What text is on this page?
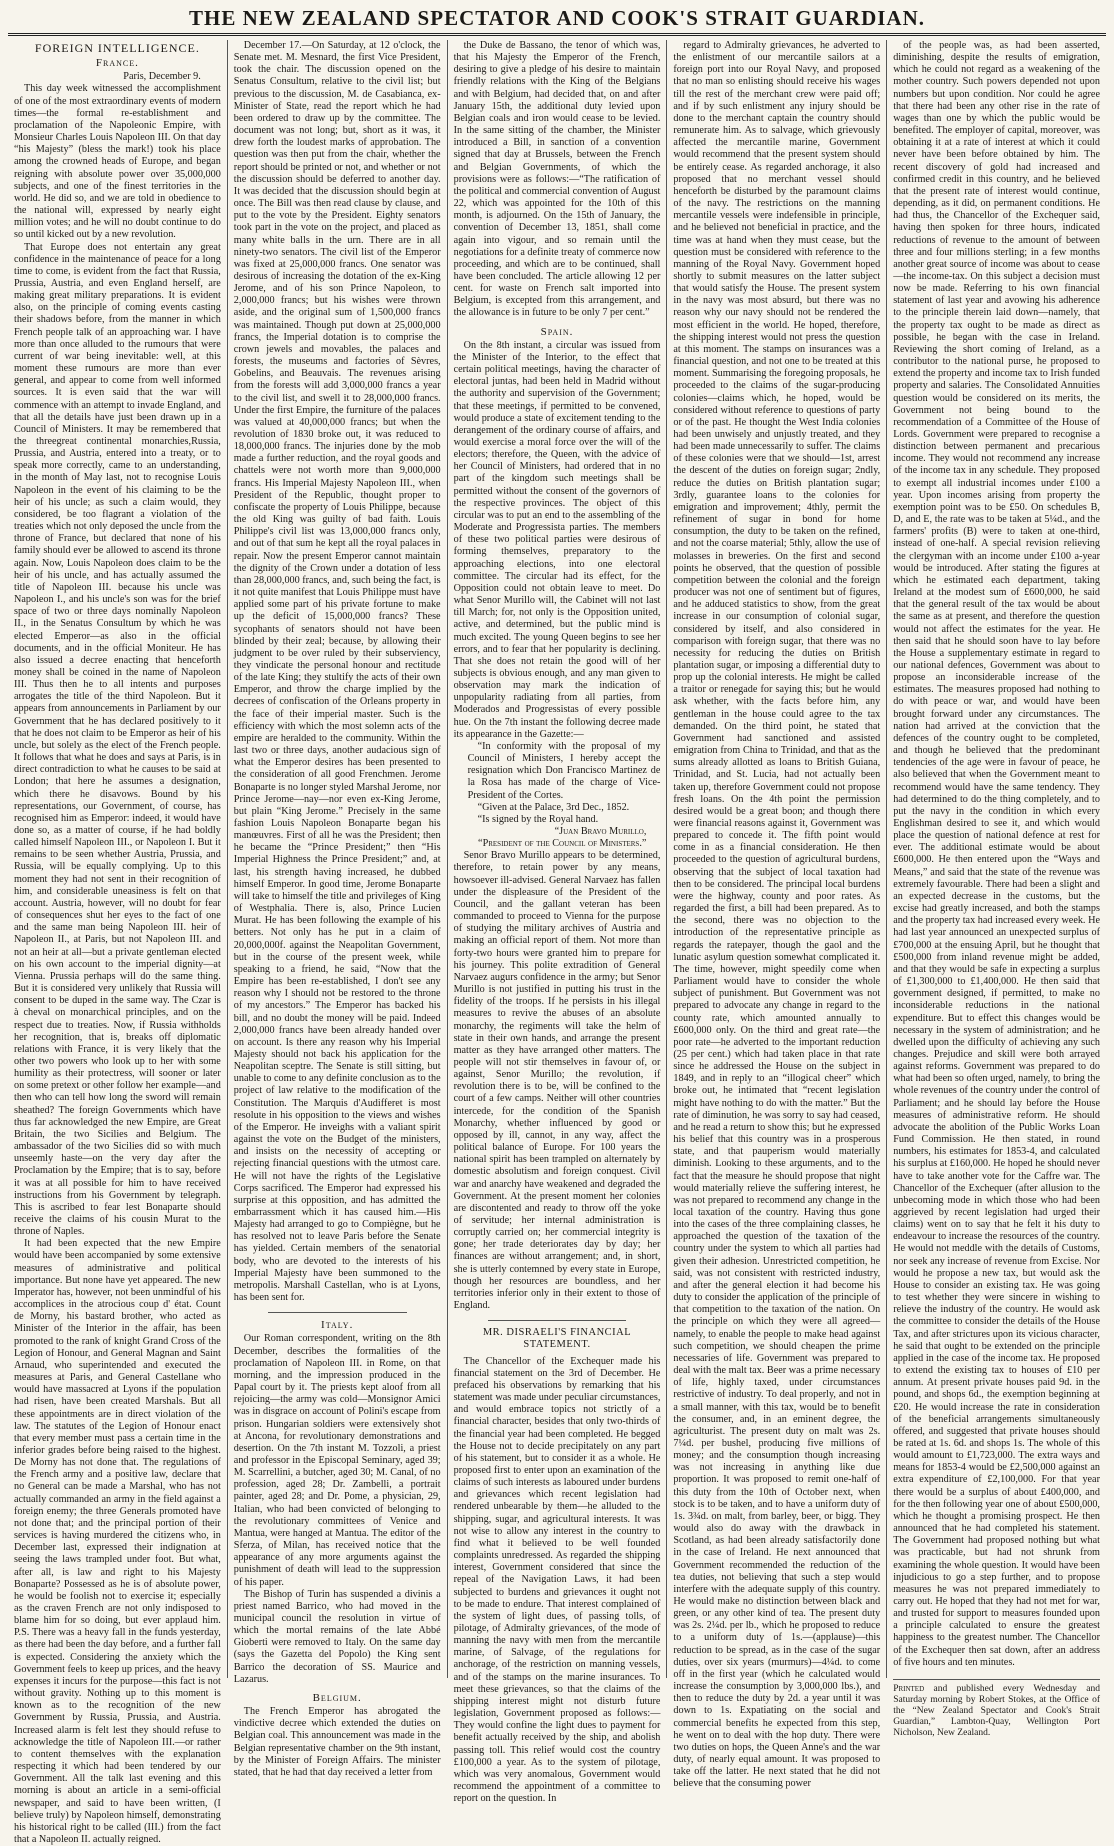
THE NEW ZEALAND SPECTATOR AND COOK'S STRAIT GUARDIAN.
FOREIGN INTELLIGENCE.
France.
Paris, December 9.

This day week witnessed the accomplishment of one of the most extraordinary events of modern times—the formal re-establishment and proclamation of the Napoleonic Empire, with Monsieur Charles Louis Napoleon III. On that day “his Majesty” (bless the mark!) took his place among the crowned heads of Europe, and began reigning with absolute power over 35,000,000 subjects, and one of the finest territories in the world. He did so, and we are told in obedience to the national will, expressed by nearly eight million votes; and he will no doubt continue to do so until kicked out by a new revolution.

That Europe does not entertain any great confidence in the maintenance of peace for a long time to come, is evident from the fact that Russia, Prussia, Austria, and even England herself, are making great military preparations. It is evident also, on the principle of coming events casting their shadows before, from the manner in which French people talk of an approaching war. I have more than once alluded to the rumours that were current of war being inevitable: well, at this moment these rumours are more than ever general, and appear to come from well informed sources. It is even said that the war will commence with an attempt to invade England, and that all the details have just been drawn up in a Council of Ministers. It may be remembered that the threegreat continental monarchies,Russia, Prussia, and Austria, entered into a treaty, or to speak more correctly, came to an understanding, in the month of May last, not to recognise Louis Napoleon in the event of his claiming to be the heir of his uncle; as such a claim would, they considered, be too flagrant a violation of the treaties which not only deposed the uncle from the throne of France, but declared that none of his family should ever be allowed to ascend its throne again. Now, Louis Napoleon does claim to be the heir of his uncle, and has actually assumed the title of Napoleon III. because his uncle was Napoleon I., and his uncle's son was for the brief space of two or three days nominally Napoleon II., in the Senatus Consultum by which he was elected Emperor—as also in the official documents, and in the official Moniteur. He has also issued a decree enacting that henceforth money shall be coined in the name of Napoleon III. Thus then he to all intents and purposes arrogates the title of the third Napoleon. But it appears from announcements in Parliament by our Government that he has declared positively to it that he does not claim to be Emperor as heir of his uncle, but solely as the elect of the French people. It follows that what he does and says at Paris, is in direct contradiction to what he causes to be said at London; that here he assumes a designation, which there he disavows. Bound by his representations, our Government, of course, has recognised him as Emperor: indeed, it would have done so, as a matter of course, if he had boldly called himself Napoleon III., or Napoleon I. But it remains to be seen whether Austria, Prussia, and Russia, will be equally complying. Up to this moment they had not sent in their recognition of him, and considerable uneasiness is felt on that account. Austria, however, will no doubt for fear of consequences shut her eyes to the fact of one and the same man being Napoleon III. heir of Napoleon II., at Paris, but not Napoleon III. and not an heir at all—but a private gentleman elected on his own account to the imperial dignity—at Vienna. Prussia perhaps will do the same thing. But it is considered very unlikely that Russia will consent to be duped in the same way. The Czar is à cheval on monarchical principles, and on the respect due to treaties. Now, if Russia withholds her recognition, that is, breaks off diplomatic relations with France, it is very likely that the other two powers who look up to her with some humility as their protectress, will sooner or later on some pretext or other follow her example—and then who can tell how long the sword will remain sheathed? The foreign Governments which have thus far acknowledged the new Empire, are Great Britain, the two Sicilies and Belgium. The ambassador of the two Sicilies did so with much unseemly haste—on the very day after the Proclamation by the Empire; that is to say, before it was at all possible for him to have received instructions from his Government by telegraph. This is ascribed to fear lest Bonaparte should receive the claims of his cousin Murat to the throne of Naples.

It had been expected that the new Empire would have been accompanied by some extensive measures of administrative and political importance. But none have yet appeared. The new Imperator has, however, not been unmindful of his accomplices in the atrocious coup d' état. Count de Morny, his bastard brother, who acted as Minister of the Interior in the affair, has been promoted to the rank of knight Grand Cross of the Legion of Honour, and General Magnan and Saint Arnaud, who superintended and executed the measures at Paris, and General Castellane who would have massacred at Lyons if the population had risen, have been created Marshals. But all these appointments are in direct violation of the law. The statutes of the Legion of Honour enact that every member must pass a certain time in the inferior grades before being raised to the highest. De Morny has not done that. The regulations of the French army and a positive law, declare that no General can be made a Marshal, who has not actually commanded an army in the field against a foreign enemy; the three Generals promoted have not done that; and the principal portion of their services is having murdered the citizens who, in December last, expressed their indignation at seeing the laws trampled under foot. But what, after all, is law and right to his Majesty Bonaparte? Possessed as he is of absolute power, he would be foolish not to exercise it; especially as the craven French are not only indisposed to blame him for so doing, but ever applaud him. P.S. There was a heavy fall in the funds yesterday, as there had been the day before, and a further fall is expected. Considering the anxiety which the Government feels to keep up prices, and the heavy expenses it incurs for the purpose—this fact is not without gravity. Nothing up to this moment is known as to the recognition of the new Government by Russia, Prussia, and Austria. Increased alarm is felt lest they should refuse to acknowledge the title of Napoleon III.—or rather to content themselves with the explanation respecting it which had been tendered by our Government. All the talk last evening and this morning is about an article in a semi-official newspaper, and said to have been written, (I believe truly) by Napoleon himself, demonstrating his historical right to be called (III.) from the fact that a Napoleon II. actually reigned.

December 17.—On Saturday, at 12 o'clock, the Senate met. M. Mesnard, the first Vice President, took the chair. The discussion opened on the Senatus Consultum, relative to the civil list; but previous to the discussion, M. de Casabianca, ex-Minister of State, read the report which he had been ordered to draw up by the committee. The document was not long; but, short as it was, it drew forth the loudest marks of approbation. The question was then put from the chair, whether the report should be printed or not, and whether or not the discussion should be deferred to another day. It was decided that the discussion should begin at once. The Bill was then read clause by clause, and put to the vote by the President. Eighty senators took part in the vote on the project, and placed as many white balls in the urn. There are in all ninety-two senators. The civil list of the Emperor was fixed at 25,000,000 francs. One senator was desirous of increasing the dotation of the ex-King Jerome, and of his son Prince Napoleon, to 2,000,000 francs; but his wishes were thrown aside, and the original sum of 1,500,000 francs was maintained. Though put down at 25,000,000 francs, the Imperial dotation is to comprise the crown jewels and movables, the palaces and forests, the museums and factories of Sèvres, Gobelins, and Beauvais. The revenues arising from the forests will add 3,000,000 francs a year to the civil list, and swell it to 28,000,000 francs. Under the first Empire, the furniture of the palaces was valued at 40,000,000 francs; but when the revolution of 1830 broke out, it was reduced to 18,000,000 francs. The injuries done by the mob made a further reduction, and the royal goods and chattels were not worth more than 9,000,000 francs. His Imperial Majesty Napoleon III., when President of the Republic, thought proper to confiscate the property of Louis Philippe, because the old King was guilty of bad faith. Louis Philippe's civil list was 13,000,000 francs only, and out of that sum he kept all the royal palaces in repair. Now the present Emperor cannot maintain the dignity of the Crown under a dotation of less than 28,000,000 francs, and, such being the fact, is it not quite manifest that Louis Philippe must have applied some part of his private fortune to make up the deficit of 15,000,000 francs? These sycophants of senators should not have been blinded by their zeal; because, by allowing their judgment to be over ruled by their subserviency, they vindicate the personal honour and rectitude of the late King; they stultify the acts of their own Emperor, and throw the charge implied by the decrees of confiscation of the Orleans property in the face of their imperial master. Such is the efficiency with which the most solemn acts of the empire are heralded to the community. Within the last two or three days, another audacious sign of what the Emperor desires has been presented to the consideration of all good Frenchmen. Jerome Bonaparte is no longer styled Marshal Jerome, nor Prince Jerome—nay—nor even ex-King Jerome, but plain “King Jerome.” Precisely in the same fashion Louis Napoleon Bonaparte began his manœuvres. First of all he was the President; then he became the “Prince President;” then “His Imperial Highness the Prince President;” and, at last, his strength having increased, he dubbed himself Emperor. In good time, Jerome Bonaparte will take to himself the title and privileges of King of Westphalia. There is, also, Prince Lucien Murat. He has been following the example of his betters. Not only has he put in a claim of 20,000,000f. against the Neapolitan Government, but in the course of the present week, while speaking to a friend, he said, “Now that the Empire has been re-established, I don't see any reason why I should not be restored to the throne of my ancestors.” The Emperor has backed his bill, and no doubt the money will be paid. Indeed 2,000,000 francs have been already handed over on account. Is there any reason why his Imperial Majesty should not back his application for the Neapolitan sceptre. The Senate is still sitting, but unable to come to any definite conclusion as to the project of law relative to the modification of the Constitution. The Marquis d'Audifferet is most resolute in his opposition to the views and wishes of the Emperor. He inveighs with a valiant spirit against the vote on the Budget of the ministers, and insists on the necessity of accepting or rejecting financial questions with the utmost care. He will not have the rights of the Legislative Corps sacrificed. The Emperor had expressed his surprise at this opposition, and has admitted the embarrassment which it has caused him.—His Majesty had arranged to go to Compiègne, but he has resolved not to leave Paris before the Senate has yielded. Certain members of the senatorial body, who are devoted to the interests of his Imperial Majesty have been summoned to the metropolis. Marshall Castellan, who is at Lyons, has been sent for.

Italy.

Our Roman correspondent, writing on the 8th December, describes the formalities of the proclamation of Napoleon III. in Rome, on that morning, and the impression produced in the Papal court by it. The priests kept aloof from all rejoicing—the army was cold—Monsignor Amici was in disgrace on account of Polini's escape from prison. Hungarian soldiers were extensively shot at Ancona, for revolutionary demonstrations and desertion. On the 7th instant M. Tozzoli, a priest and professor in the Episcopal Seminary, aged 39; M. Scarrellini, a butcher, aged 30; M. Canal, of no profession, aged 28; Dr. Zambelli, a portrait painter, aged 28; and Dr. Pome, a physician, 29, Italian, who had been convicted of belonging to the revolutionary committees of Venice and Mantua, were hanged at Mantua. The editor of the Sferza, of Milan, has received notice that the appearance of any more arguments against the punishment of death will lead to the suppression of his paper.

The Bishop of Turin has suspended a divinis a priest named Barrico, who had moved in the municipal council the resolution in virtue of which the mortal remains of the late Abbé Gioberti were removed to Italy. On the same day (says the Gazetta del Popolo) the King sent Barrico the decoration of SS. Maurice and Lazarus.

Belgium.

The French Emperor has abrogated the vindictive decree which extended the duties on Belgian coal. This announcement was made in the Belgian representative chamber on the 9th instant, by the Minister of Foreign Affairs. The minister stated, that he had that day received a letter from

the Duke de Bassano, the tenor of which was, that his Majesty the Emperor of the French, desiring to give a pledge of his desire to maintain friendly relations with the King of the Belgians and with Belgium, had decided that, on and after January 15th, the additional duty levied upon Belgian coals and iron would cease to be levied. In the same sitting of the chamber, the Minister introduced a Bill, in sanction of a convention signed that day at Brussels, between the French and Belgian Governments, of which the provisions were as follows:—“The ratification of the political and commercial convention of August 22, which was appointed for the 10th of this month, is adjourned. On the 15th of January, the convention of December 13, 1851, shall come again into vigour, and so remain until the negotiations for a definite treaty of commerce now proceeding, and which are to be continued, shall have been concluded. The article allowing 12 per cent. for waste on French salt imported into Belgium, is excepted from this arrangement, and the allowance is in future to be only 7 per cent.”

Spain.

On the 8th instant, a circular was issued from the Minister of the Interior, to the effect that certain political meetings, having the character of electoral juntas, had been held in Madrid without the authority and supervision of the Government; that these meetings, if permitted to be convened, would produce a state of excitement tending to the derangement of the ordinary course of affairs, and would exercise a moral force over the will of the electors; therefore, the Queen, with the advice of her Council of Ministers, had ordered that in no part of the kingdom such meetings shall be permitted without the consent of the governors of the respective provinces. The object of this circular was to put an end to the assembling of the Moderate and Progressista parties. The members of these two political parties were desirous of forming themselves, preparatory to the approaching elections, into one electoral committee. The circular had its effect, for the Opposition could not obtain leave to meet. Do what Senor Murillo will, the Cabinet will not last till March; for, not only is the Opposition united, active, and determined, but the public mind is much excited. The young Queen begins to see her errors, and to fear that her popularity is declining. That she does not retain the good will of her subjects is obvious enough, and any man given to observation may mark the indication of unpopularity radiating from all parties, from Moderados and Progressistas of every possible hue. On the 7th instant the following decree made its appearance in the Gazette:—

“In conformity with the proposal of my Council of Ministers, I hereby accept the resignation which Don Francisco Martinez de la Rosa has made of the charge of Vice-President of the Cortes.

“Given at the Palace, 3rd Dec., 1852.

“Is signed by the Royal hand.

“Juan Bravo Murillo,
“President of the Council of Ministers.”

Senor Bravo Murillo appears to be determined, therefore, to retain power by any means, howsoever ill-advised. General Narvaez has fallen under the displeasure of the President of the Council, and the gallant veteran has been commanded to proceed to Vienna for the purpose of studying the military archives of Austria and making an official report of them. Not more than forty-two hours were granted him to prepare for his journey. This polite extradition of General Narvaez augurs confidence in the army; but Senor Murillo is not justified in putting his trust in the fidelity of the troops. If he persists in his illegal measures to revive the abuses of an absolute monarchy, the regiments will take the helm of state in their own hands, and arrange the present matter as they have arranged other matters. The people will not stir themselves in favour of, or against, Senor Murillo; the revolution, if revolution there is to be, will be confined to the court of a few camps. Neither will other countries intercede, for the condition of the Spanish Monarchy, whether influenced by good or opposed by ill, cannot, in any way, affect the political balance of Europe. For 100 years the national spirit has been trampled on alternately by domestic absolutism and foreign conquest. Civil war and anarchy have weakened and degraded the Government. At the present moment her colonies are discontented and ready to throw off the yoke of servitude; her internal administration is corruptly carried on; her commercial integrity is gone; her trade deteriorates day by day; her finances are without arrangement; and, in short, she is utterly contemned by every state in Europe, though her resources are boundless, and her territories inferior only in their extent to those of England.

MR. DISRAELI'S FINANCIAL STATEMENT.

The Chancellor of the Exchequer made his financial statement on the 3rd of December. He prefaced his observations by remarking that his statement was made under peculiar circumstances, and would embrace topics not strictly of a financial character, besides that only two-thirds of the financial year had been completed. He begged the House not to decide precipitately on any part of his statement, but to consider it as a whole. He proposed first to enter upon an examination of the claims of such interests as laboured under burdens and grievances which recent legislation had rendered unbearable by them—he alluded to the shipping, sugar, and agricultural interests. It was not wise to allow any interest in the country to find what it believed to be well founded complaints unredressed. As regarded the shipping interest, Government considered that since the repeal of the Navigation Laws, it had been subjected to burdens and grievances it ought not to be made to endure. That interest complained of the system of light dues, of passing tolls, of pilotage, of Admiralty grievances, of the mode of manning the navy with men from the mercantile marine, of Salvage, of the regulations for anchorage, of the restriction on manning vessels, and of the stamps on the marine insurances. To meet these grievances, so that the claims of the shipping interest might not disturb future legislation, Government proposed as follows:—They would confine the light dues to payment for benefit actually received by the ship, and abolish passing toll. This relief would cost the country £100,000 a year. As to the system of pilotage, which was very anomalous, Government would recommend the appointment of a committee to report on the question. In

regard to Admiralty grievances, he adverted to the enlistment of our mercantile sailors at a foreign port into our Royal Navy, and proposed that no man so enlisting should receive his wages till the rest of the merchant crew were paid off; and if by such enlistment any injury should be done to the merchant captain the country should remunerate him. As to salvage, which grievously affected the mercantile marine, Government would recommend that the present system should be entirely cease. As regarded anchorage, it also proposed that no merchant vessel should henceforth be disturbed by the paramount claims of the navy. The restrictions on the manning mercantile vessels were indefensible in principle, and he believed not beneficial in practice, and the time was at hand when they must cease, but the question must be considered with reference to the manning of the Royal Navy. Government hoped shortly to submit measures on the latter subject that would satisfy the House. The present system in the navy was most absurd, but there was no reason why our navy should not be rendered the most efficient in the world. He hoped, therefore, the shipping interest would not press the question at this moment. The stamps on insurances was a financial question, and not one to be treated at this moment. Summarising the foregoing proposals, he proceeded to the claims of the sugar-producing colonies—claims which, he hoped, would be considered without reference to questions of party or of the past. He thought the West India colonies had been unwisely and unjustly treated, and they had been made unnecessarily to suffer. The claims of these colonies were that we should—1st, arrest the descent of the duties on foreign sugar; 2ndly, reduce the duties on British plantation sugar; 3rdly, guarantee loans to the colonies for emigration and improvement; 4thly, permit the refinement of sugar in bond for home consumption, the duty to be taken on the refined, and not the coarse material; 5thly, allow the use of molasses in breweries. On the first and second points he observed, that the question of possible competition between the colonial and the foreign producer was not one of sentiment but of figures, and he adduced statistics to show, from the great increase in our consumption of colonial sugar, considered by itself, and also considered in comparison with foreign sugar, that there was no necessity for reducing the duties on British plantation sugar, or imposing a differential duty to prop up the colonial interests. He might be called a traitor or renegade for saying this; but he would ask whether, with the facts before him, any gentleman in the house could agree to the tax demanded. On the third point, he stated that Government had sanctioned and assisted emigration from China to Trinidad, and that as the sums already allotted as loans to British Guiana, Trinidad, and St. Lucia, had not actually been taken up, therefore Government could not propose fresh loans. On the 4th point the permission desired would be a great boon; and though there were financial reasons against it, Government was prepared to concede it. The fifth point would come in as a financial consideration. He then proceeded to the question of agricultural burdens, observing that the subject of local taxation had then to be considered. The principal local burdens were the highway, county and poor rates. As regarded the first, a bill had been prepared. As to the second, there was no objection to the introduction of the representative principle as regards the ratepayer, though the gaol and the lunatic asylum question somewhat complicated it. The time, however, might speedily come when Parliament would have to consider the whole subject of punishment. But Government was not prepared to advocate any change in regard to the county rate, which amounted annually to £600,000 only. On the third and great rate—the poor rate—he adverted to the important reduction (25 per cent.) which had taken place in that rate since he addressed the House on the subject in 1849, and in reply to an “illogical cheer” which broke out, he intimated that “recent legislation might have nothing to do with the matter.” But the rate of diminution, he was sorry to say had ceased, and he read a return to show this; but he expressed his belief that this country was in a prosperous state, and that pauperism would materially diminish. Looking to these arguments, and to the fact that the measure he should propose that night would materially relieve the suffering interest, he was not prepared to recommend any change in the local taxation of the country. Having thus gone into the cases of the three complaining classes, he approached the question of the taxation of the country under the system to which all parties had given their adhesion. Unrestricted competition, he said, was not consistent with restricted industry, and after the general election it had become his duty to consider the application of the principle of that competition to the taxation of the nation. On the principle on which they were all agreed—namely, to enable the people to make head against such competition, we should cheapen the prime necessaries of life. Government was prepared to deal with the malt tax. Beer was a prime necessary of life, highly taxed, under circumstances restrictive of industry. To deal properly, and not in a small manner, with this tax, would be to benefit the consumer, and, in an eminent degree, the agriculturist. The present duty on malt was 2s. 7¼d. per bushel, producing five millions of money; and the consumption though increasing was not increasing in anything like due proportion. It was proposed to remit one-half of this duty from the 10th of October next, when stock is to be taken, and to have a uniform duty of 1s. 3¾d. on malt, from barley, beer, or bigg. They would also do away with the drawback in Scotland, as had been already satisfactorily done in the case of Ireland. He next announced that Government recommended the reduction of the tea duties, not believing that such a step would interfere with the adequate supply of this country. He would make no distinction between black and green, or any other kind of tea. The present duty was 2s. 2¼d. per lb., which he proposed to reduce to a uniform duty of 1s.—(applause)—this reduction to be spread, as in the case of the sugar duties, over six years (murmurs)—4¼d. to come off in the first year (which he calculated would increase the consumption by 3,000,000 lbs.), and then to reduce the duty by 2d. a year until it was down to 1s. Expatiating on the social and commercial benefits he expected from this step, he went on to deal with the hop duty. There were two duties on hops, the Queen Anne's and the war duty, of nearly equal amount. It was proposed to take off the latter. He next stated that he did not believe that the consuming power

of the people was, as had been asserted, diminishing, despite the results of emigration, which he could not regard as a weakening of the mother country. Such powers depended not upon numbers but upon condition. Nor could he agree that there had been any other rise in the rate of wages than one by which the public would be benefited. The employer of capital, moreover, was obtaining it at a rate of interest at which it could never have been before obtained by him. The recent discovery of gold had increased and confirmed credit in this country, and he believed that the present rate of interest would continue, depending, as it did, on permanent conditions. He had thus, the Chancellor of the Exchequer said, having then spoken for three hours, indicated reductions of revenue to the amount of between three and four millions sterling; in a few months another great source of income was about to cease—the income-tax. On this subject a decision must now be made. Referring to his own financial statement of last year and avowing his adherence to the principle therein laid down—namely, that the property tax ought to be made as direct as possible, he began with the case in Ireland. Reviewing the short coming of Ireland, as a contributor to the national purse, he proposed to extend the property and income tax to Irish funded property and salaries. The Consolidated Annuities question would be considered on its merits, the Government not being bound to the recommendation of a Committee of the House of Lords. Government were prepared to recognise a distinction between permanent and precarious income. They would not recommend any increase of the income tax in any schedule. They proposed to exempt all industrial incomes under £100 a year. Upon incomes arising from property the exemption point was to be £50. On schedules B, D, and E, the rate was to be taken at 5¼d., and the farmers' profits (B) were to taken at one-third, instead of one-half. A special revision relieving the clergyman with an income under £100 a-year would be introduced. After stating the figures at which he estimated each department, taking Ireland at the modest sum of £600,000, he said that the general result of the tax would be about the same as at present, and therefore the question would not affect the estimates for the year. He then said that he should soon have to lay before the House a supplementary estimate in regard to our national defences, Government was about to propose an inconsiderable increase of the estimates. The measures proposed had nothing to do with peace or war, and would have been brought forward under any circumstances. The nation had arrived at the conviction that the defences of the country ought to be completed, and though he believed that the predominant tendencies of the age were in favour of peace, he also believed that when the Government meant to recommend would have the same tendency. They had determined to do the thing completely, and to put the navy in the condition in which every Englishman desired to see it, and which would place the question of national defence at rest for ever. The additional estimate would be about £600,000. He then entered upon the “Ways and Means,” and said that the state of the revenue was extremely favourable. There had been a slight and an expected decrease in the customs, but the excise had greatly increased, and both the stamps and the property tax had increased every week. He had last year announced an unexpected surplus of £700,000 at the ensuing April, but he thought that £500,000 from inland revenue might be added, and that they would be safe in expecting a surplus of £1,300,000 to £1,400,000. He then said that government designed, if permitted, to make no inconsiderable reductions in the national expenditure. But to effect this changes would be necessary in the system of administration; and he dwelled upon the difficulty of achieving any such changes. Prejudice and skill were both arrayed against reforms. Government was prepared to do what had been so often urged, namely, to bring the whole revenues of the country under the control of Parliament; and he should lay before the House measures of administrative reform. He should advocate the abolition of the Public Works Loan Fund Commission. He then stated, in round numbers, his estimates for 1853-4, and calculated his surplus at £160,000. He hoped he should never have to take another vote for the Caffre war. The Chancellor of the Exchequer (after allusion to the unbecoming mode in which those who had been aggrieved by recent legislation had urged their claims) went on to say that he felt it his duty to endeavour to increase the resources of the country. He would not meddle with the details of Customs, nor seek any increase of revenue from Excise. Nor would he propose a new tax, but would ask the House to consider an existing tax. He was going to test whether they were sincere in wishing to relieve the industry of the country. He would ask the committee to consider the details of the House Tax, and after strictures upon its vicious character, he said that ought to be extended on the principle applied in the case of the income tax. He proposed to extend the existing tax to houses of £10 per annum. At present private houses paid 9d. in the pound, and shops 6d., the exemption beginning at £20. He would increase the rate in consideration of the beneficial arrangements simultaneously offered, and suggested that private houses should be rated at 1s. 6d. and shops 1s. The whole of this would amount to £1,723,000. The extra ways and means for 1853-4 would be £2,500,000 against an extra expenditure of £2,100,000. For that year there would be a surplus of about £400,000, and for the then following year one of about £500,000, which he thought a promising prospect. He then announced that he had completed his statement. The Government had proposed nothing but what was practicable, but had not shrunk from examining the whole question. It would have been injudicious to go a step further, and to propose measures he was not prepared immediately to carry out. He hoped that they had not met for war, and trusted for support to measures founded upon a principle calculated to ensure the greatest happiness to the greatest number. The Chancellor of the Exchequer then sat down, after an address of five hours and ten minutes.

Printed and published every Wednesday and Saturday morning by Robert Stokes, at the Office of the “New Zealand Spectator and Cook's Strait Guardian,” Lambton-Quay, Wellington Port Nicholson, New Zealand.
